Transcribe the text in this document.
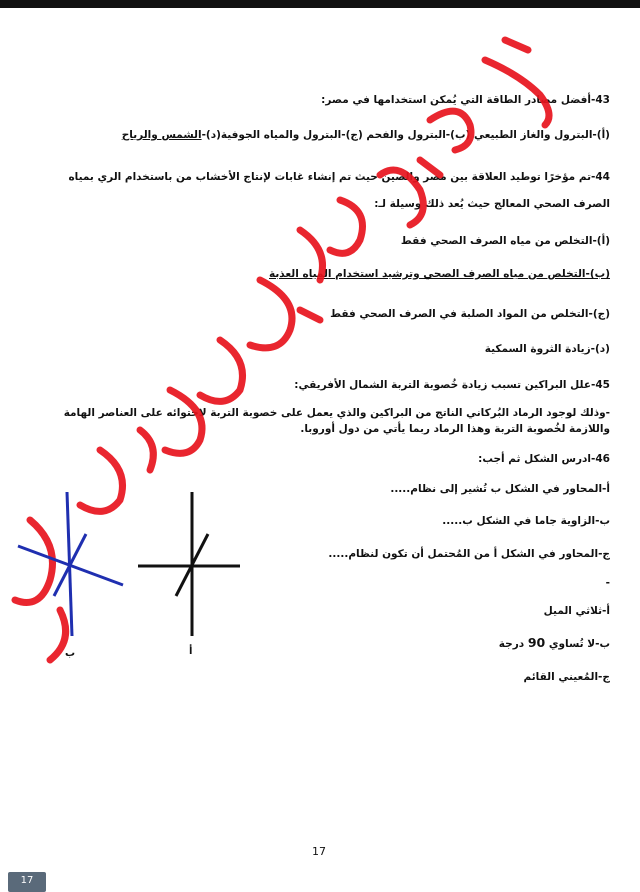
43-أفضل مصادر الطاقة التي يُمكن استخدامها في مصر:
(أ)-البترول والغاز الطبيعي (ب)-البترول والفحم (ج)-البترول والمياه الجوفية(د)-الشمس والرياح
44-تم مؤخرًا توطيد العلاقة بين مصر والصين حيث تم إنشاء غابات لإنتاج الأخشاب من باستخدام الري بمياه
الصرف الصحي المعالج حيث يُعد ذلك وسيلة لـ:
(أ)-التخلص من مياه الصرف الصحي فقط
(ب)-التخلص من مياه الصرف الصحي وترشيد استخدام المياه العذبة
(ج)-التخلص من المواد الصلبة في الصرف الصحي فقط
(د)-زيادة الثروة السمكية
45-علل البراكين تسبب زيادة خُصوبة التربة الشمال الأفريقي:
-وذلك لوجود الرماد البُركاني الناتج من البراكين والذي يعمل على خصوبة التربة لاحتوائه على العناصر الهامة
واللازمة لخُصوبة التربة وهذا الرماد ربما يأتي من دول أوروبا.
46-ادرس الشكل ثم أجب:
أ-المحاور في الشكل ب تُشير إلى نظام.....
ب-الزاوية جاما في الشكل ب.....
ج-المحاور في الشكل أ من المُحتمل أن تكون لنظام.....
-
أ-ثلاثي الميل
ب-لا تُساوي 90 درجة
ج-المُعيني القائم
ب	أ
17
17
